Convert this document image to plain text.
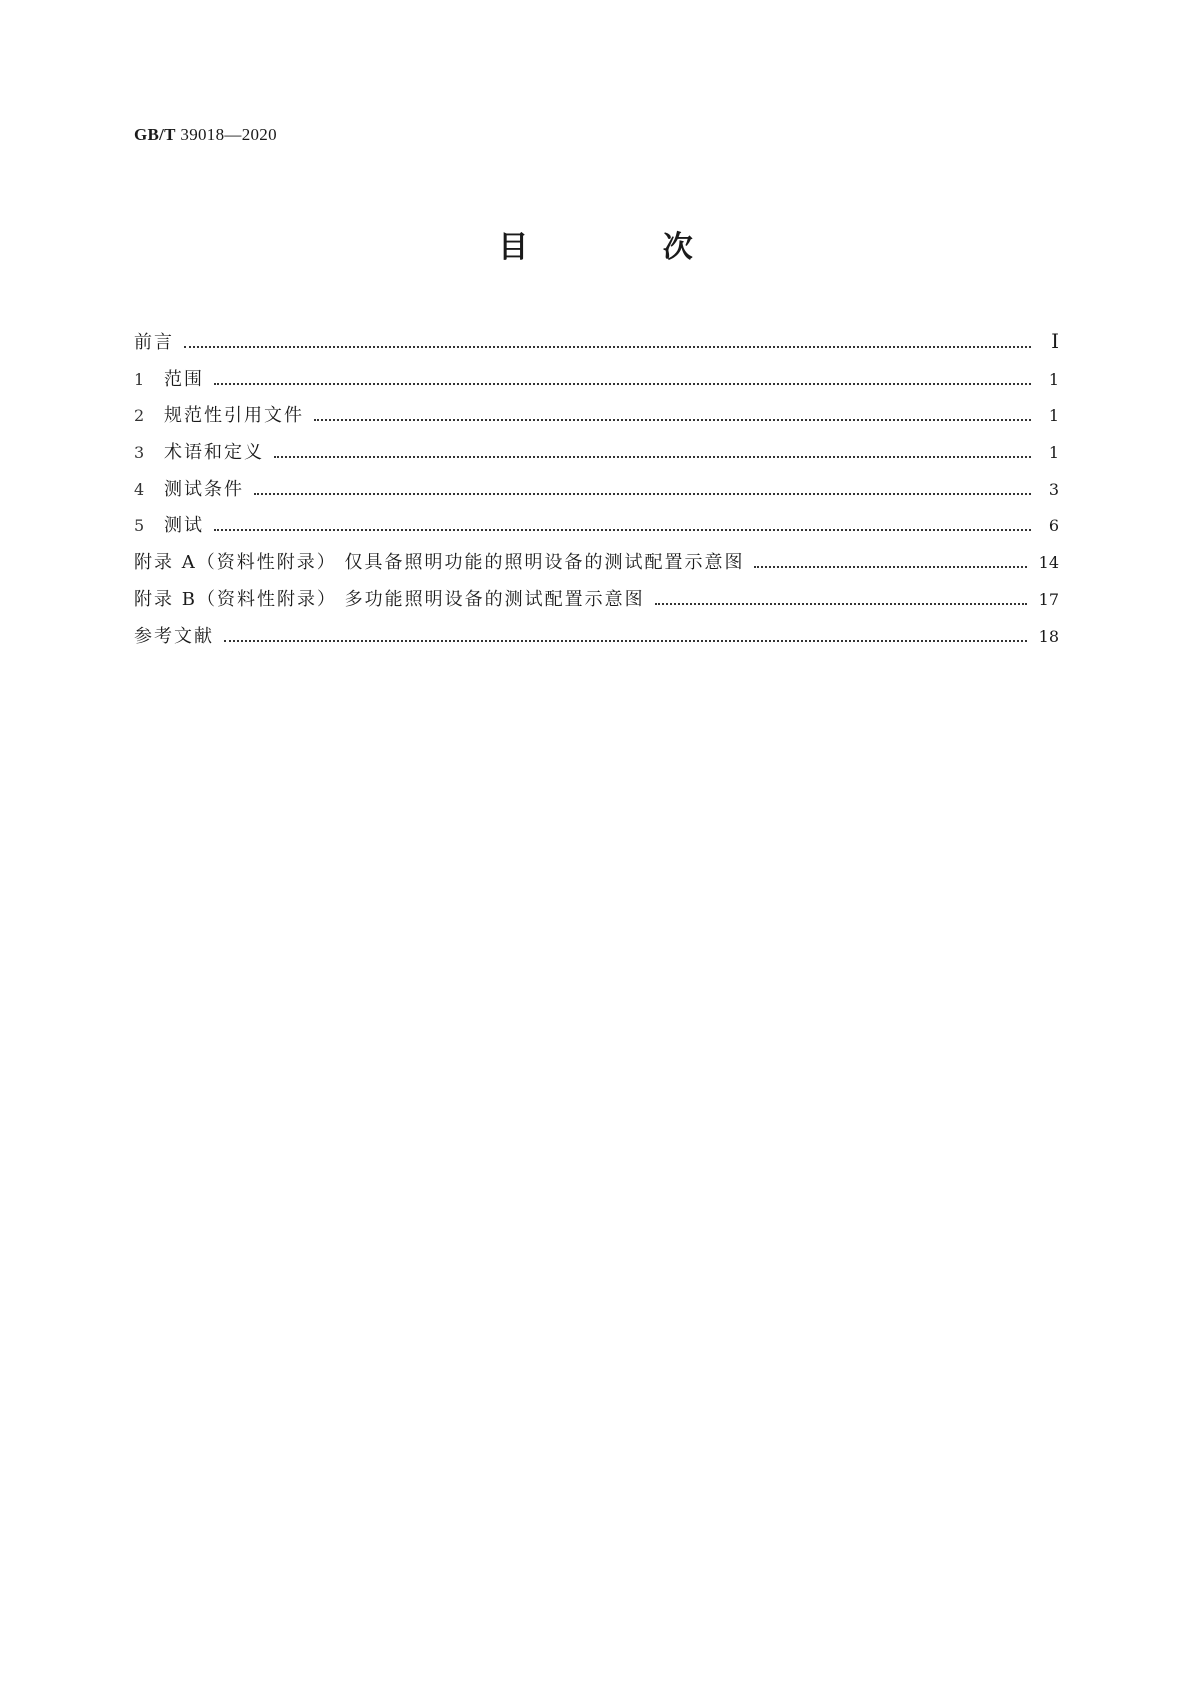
GB/T 39018—2020
目 次
前言	Ⅰ
1	范围	1
2	规范性引用文件	1
3	术语和定义	1
4	测试条件	3
5	测试	6
附录 A（资料性附录） 仅具备照明功能的照明设备的测试配置示意图	14
附录 B（资料性附录） 多功能照明设备的测试配置示意图	17
参考文献	18
